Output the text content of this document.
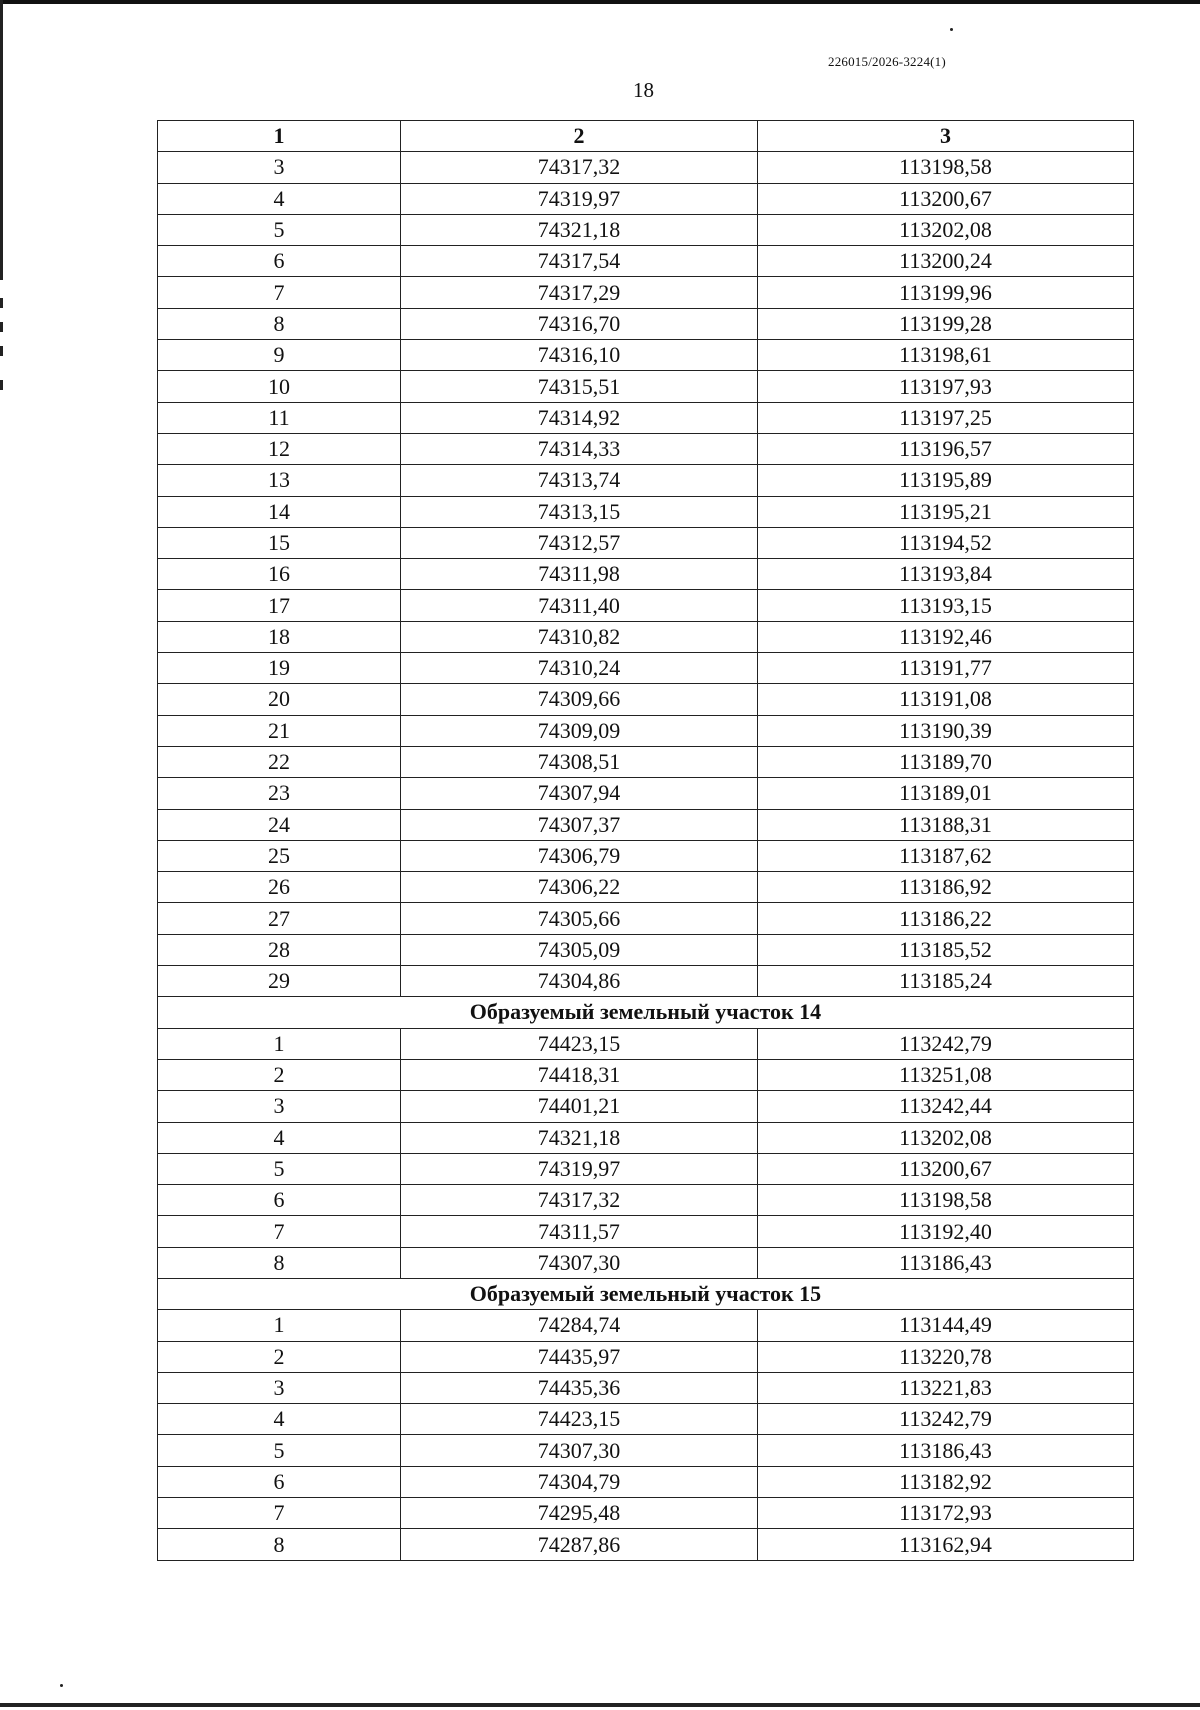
226015/2026-3224(1)
18
1	2	3
3	74317,32	113198,58
4	74319,97	113200,67
5	74321,18	113202,08
6	74317,54	113200,24
7	74317,29	113199,96
8	74316,70	113199,28
9	74316,10	113198,61
10	74315,51	113197,93
11	74314,92	113197,25
12	74314,33	113196,57
13	74313,74	113195,89
14	74313,15	113195,21
15	74312,57	113194,52
16	74311,98	113193,84
17	74311,40	113193,15
18	74310,82	113192,46
19	74310,24	113191,77
20	74309,66	113191,08
21	74309,09	113190,39
22	74308,51	113189,70
23	74307,94	113189,01
24	74307,37	113188,31
25	74306,79	113187,62
26	74306,22	113186,92
27	74305,66	113186,22
28	74305,09	113185,52
29	74304,86	113185,24
Образуемый земельный участок 14		
1	74423,15	113242,79
2	74418,31	113251,08
3	74401,21	113242,44
4	74321,18	113202,08
5	74319,97	113200,67
6	74317,32	113198,58
7	74311,57	113192,40
8	74307,30	113186,43
Образуемый земельный участок 15		
1	74284,74	113144,49
2	74435,97	113220,78
3	74435,36	113221,83
4	74423,15	113242,79
5	74307,30	113186,43
6	74304,79	113182,92
7	74295,48	113172,93
8	74287,86	113162,94
